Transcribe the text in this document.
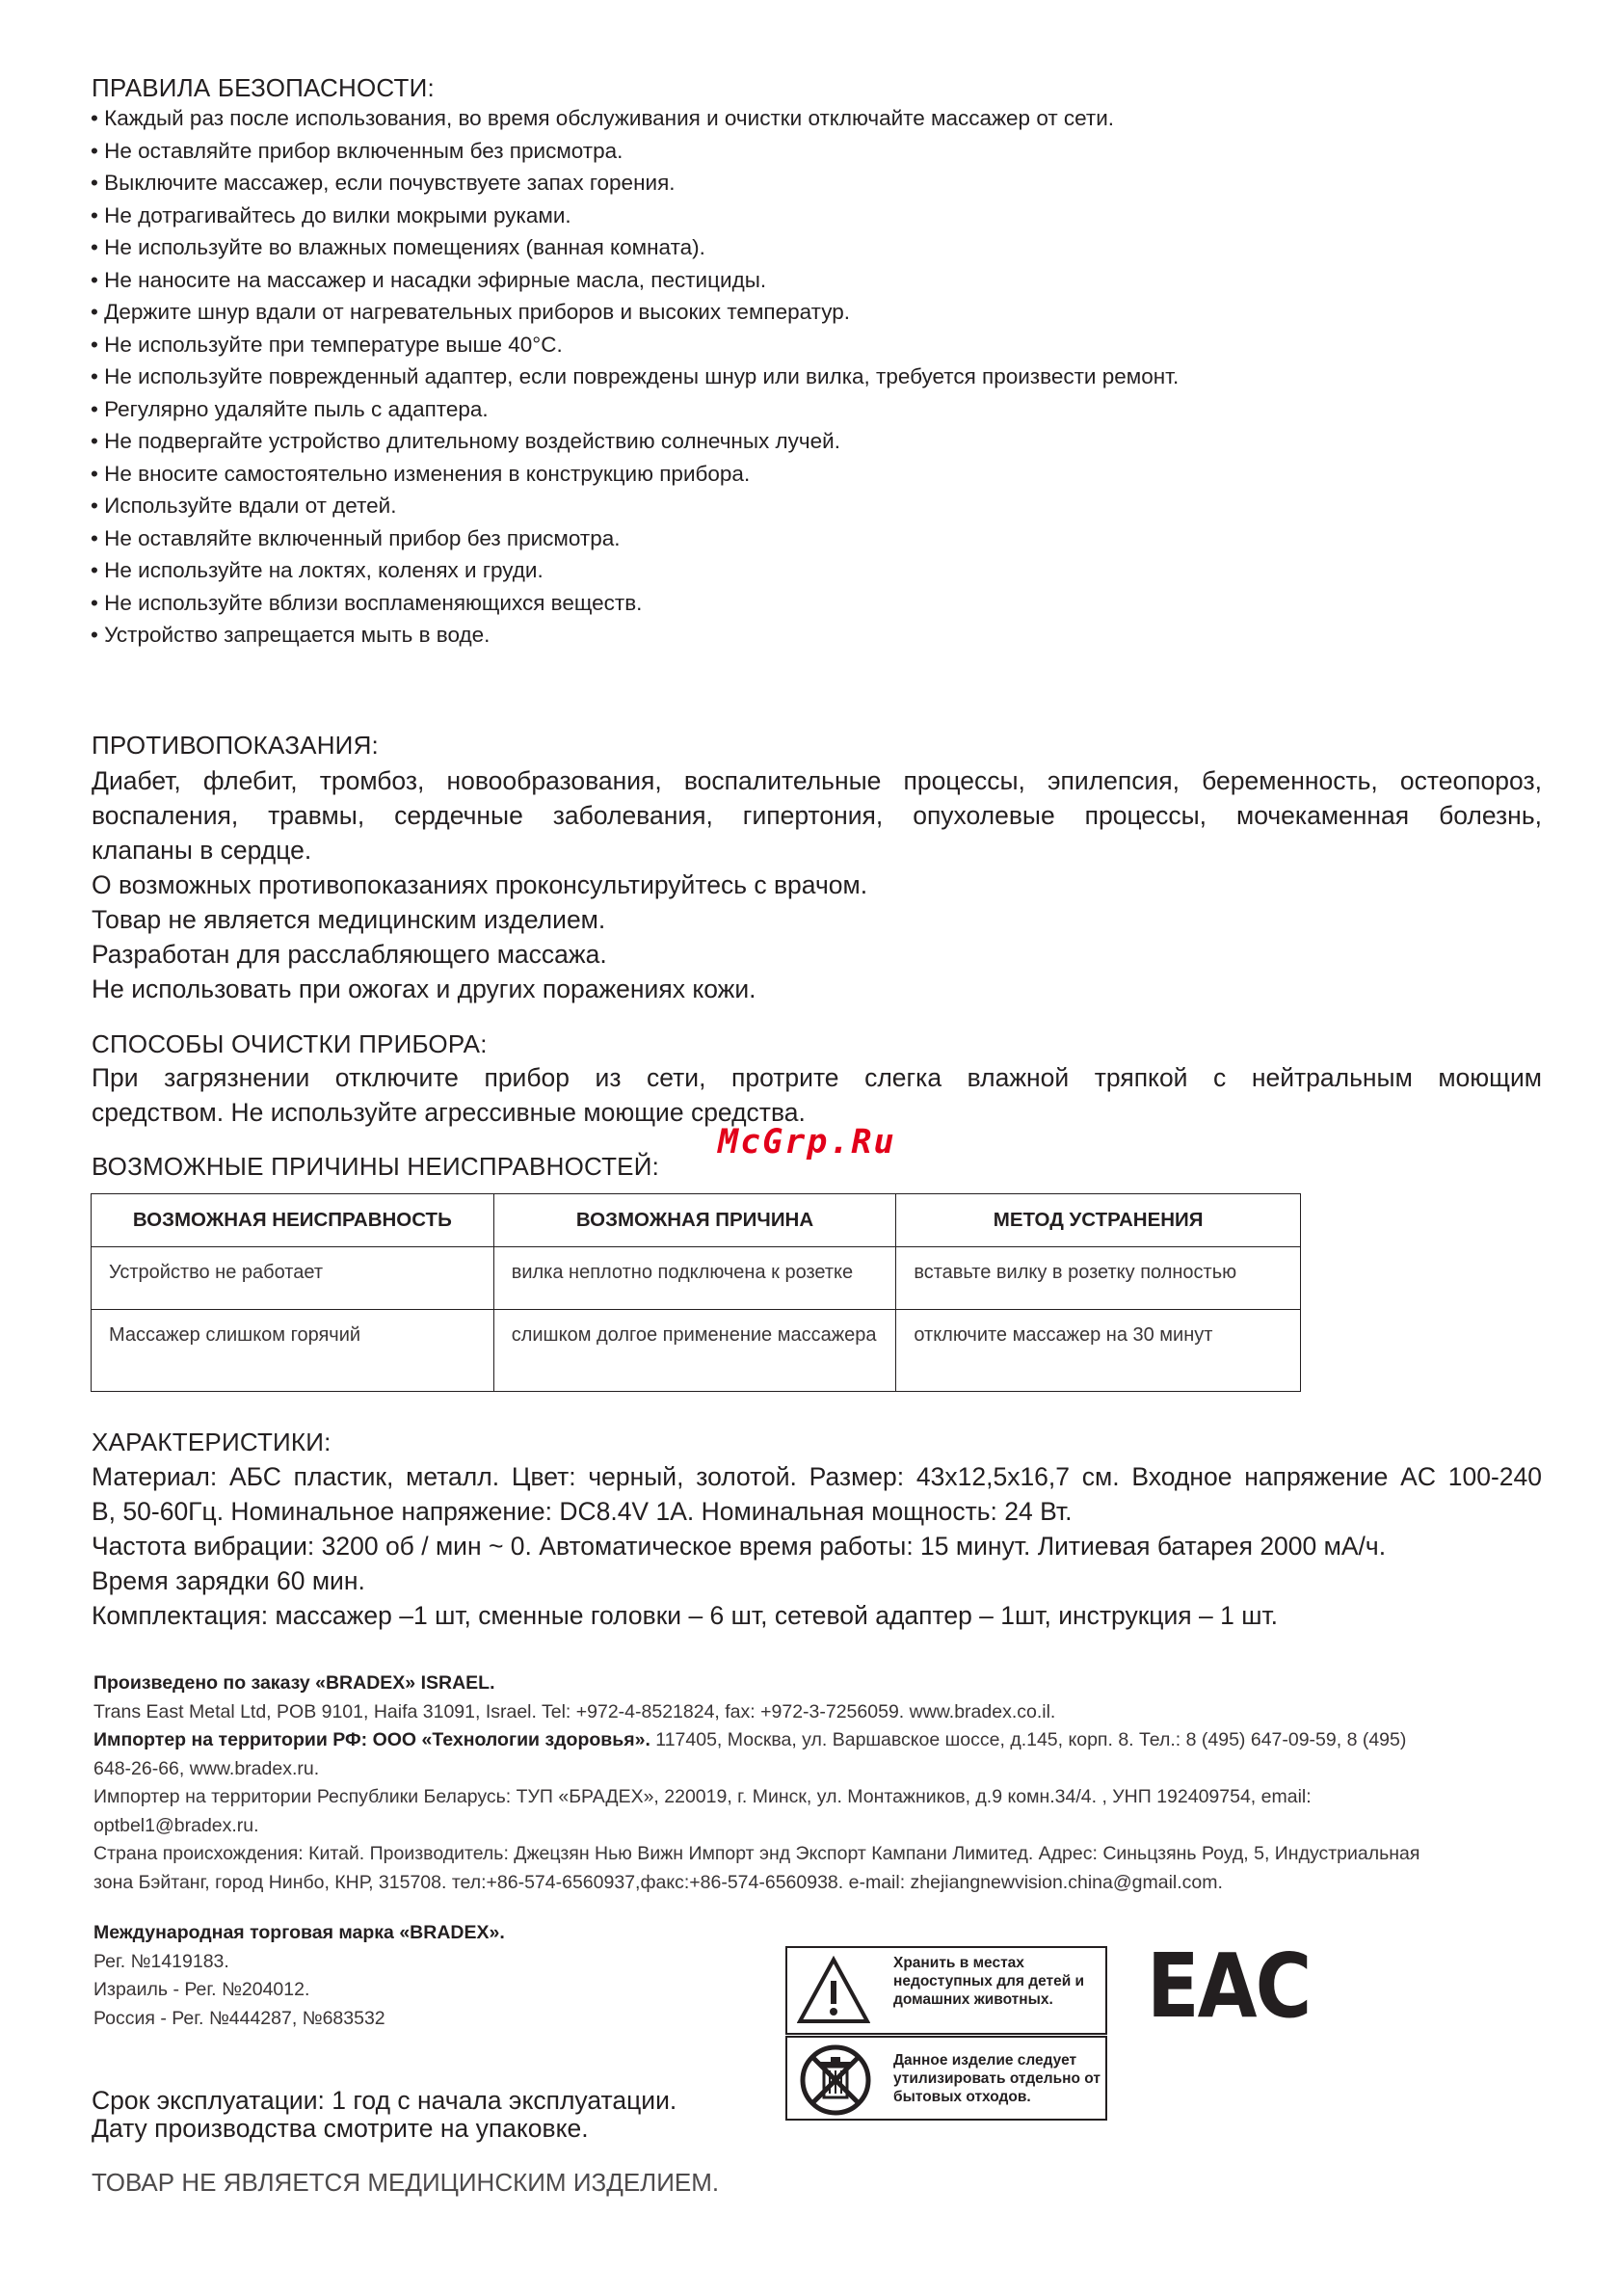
ПРАВИЛА БЕЗОПАСНОСТИ:
• Каждый раз после использования, во время обслуживания и очистки отключайте массажер от сети.
• Не оставляйте прибор включенным без присмотра.
• Выключите массажер, если почувствуете запах горения.
• Не дотрагивайтесь до вилки мокрыми руками.
• Не используйте во влажных помещениях (ванная комната).
• Не наносите на массажер и насадки эфирные масла, пестициды.
• Держите шнур вдали от нагревательных приборов и высоких температур.
• Не используйте при температуре выше 40°C.
• Не используйте поврежденный адаптер, если повреждены шнур или вилка, требуется произвести ремонт.
• Регулярно удаляйте пыль с адаптера.
• Не подвергайте устройство длительному воздействию солнечных лучей.
• Не вносите самостоятельно изменения в конструкцию прибора.
• Используйте вдали от детей.
• Не оставляйте включенный прибор без присмотра.
• Не используйте на локтях, коленях и груди.
• Не используйте вблизи воспламеняющихся веществ.
• Устройство запрещается мыть в воде.
ПРОТИВОПОКАЗАНИЯ:

Диабет, флебит, тромбоз, новообразования, воспалительные процессы, эпилепсия, беременность, остеопороз,

воспаления, травмы, сердечные заболевания, гипертония, опухолевые процессы, мочекаменная болезнь,

клапаны в сердце.

О возможных противопоказаниях проконсультируйтесь с врачом.

Товар не является медицинским изделием.

Разработан для расслабляющего массажа.

Не использовать при ожогах и других поражениях кожи.

СПОСОБЫ ОЧИСТКИ ПРИБОРА:

При загрязнении отключите прибор из сети, протрите слегка влажной тряпкой с нейтральным моющим

средством. Не используйте агрессивные моющие средства.

ВОЗМОЖНЫЕ ПРИЧИНЫ НЕИСПРАВНОСТЕЙ:
McGrp.Ru
ВОЗМОЖНАЯ НЕИСПРАВНОСТЬ	ВОЗМОЖНАЯ ПРИЧИНА	МЕТОД УСТРАНЕНИЯ
Устройство не работает	вилка неплотно подключена к розетке	вставьте вилку в розетку полностью
Массажер слишком горячий	слишком долгое применение массажера	отключите массажер на 30 минут
ХАРАКТЕРИСТИКИ:

Материал: АБС пластик, металл. Цвет: черный, золотой. Размер: 43х12,5х16,7 см. Входное напряжение AC 100-240

В, 50-60Гц. Номинальное напряжение: DC8.4V 1A. Номинальная мощность: 24 Вт.

Частота вибрации: 3200 об / мин ~ 0. Автоматическое время работы: 15 минут. Литиевая батарея 2000 мА/ч.

Время зарядки 60 мин.

Комплектация: массажер –1 шт, сменные головки – 6 шт, сетевой адаптер – 1шт, инструкция – 1 шт.

Произведено по заказу «BRADEX» ISRAEL.
Trans East Metal Ltd, POB 9101, Haifa 31091, Israel. Tel: +972-4-8521824, fax: +972-3-7256059. www.bradex.co.il.
Импортер на территории РФ: ООО «Технологии здоровья». 117405, Москва, ул. Варшавское шоссе, д.145, корп. 8. Тел.: 8 (495) 647-09-59, 8 (495)
648-26-66, www.bradex.ru.
Импортер на территории Республики Беларусь: ТУП «БРАДЕХ», 220019, г. Минск, ул. Монтажников, д.9 комн.34/4. , УНП 192409754, email:
optbel1@bradex.ru.
Страна происхождения: Китай. Производитель: Джецзян Нью Вижн Импорт энд Экспорт Кампани Лимитед. Адрес: Синьцзянь Роуд, 5, Индустриальная
зона Бэйтанг, город Нинбо, КНР, 315708. тел:+86-574-6560937,факс:+86-574-6560938. e-mail: zhejiangnewvision.china@gmail.com.
Международная торговая марка «BRADEX».
Рег. №1419183.
Израиль - Рег. №204012.
Россия - Рег. №444287, №683532
Хранить в местах недоступных для детей и домашних животных.
Данное изделие следует утилизировать отдельно от бытовых отходов.
EAC
Срок эксплуатации: 1 год с начала эксплуатации.
Дату производства смотрите на упаковке.
ТОВАР НЕ ЯВЛЯЕТСЯ МЕДИЦИНСКИМ ИЗДЕЛИЕМ.
